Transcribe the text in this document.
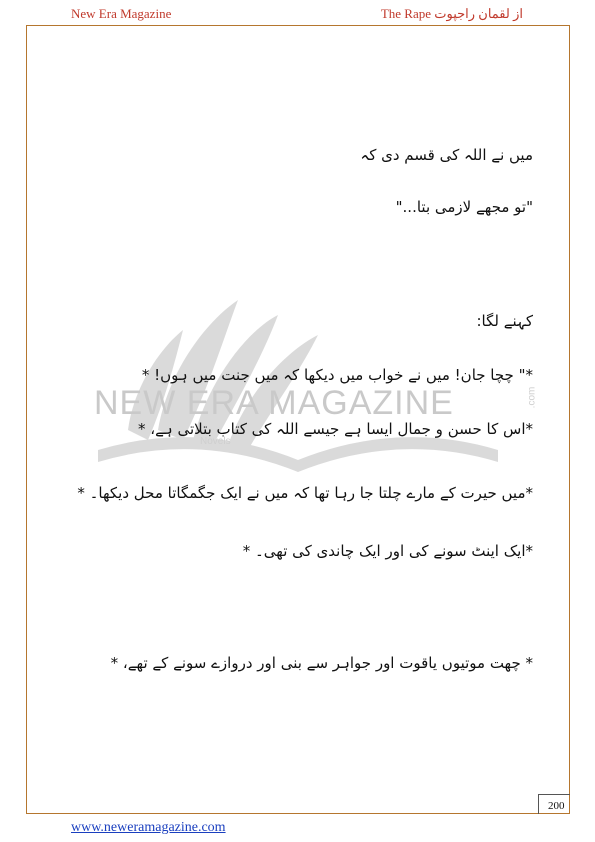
New Era Magazine	The Rape از لقمان راجپوت
NEW ERA MAGAZINE
Novels
.com
میں نے اللہ کی قسم دی کہ
"تو مجھے لازمی بتا..."
کہنے لگا:
*" چچا جان! میں نے خواب میں دیکھا کہ میں جنت میں ہوں! *
*اس کا حسن و جمال ایسا ہے جیسے اللہ کی کتاب بتلاتی ہے، *
*میں حیرت کے مارے چلتا جا رہا تھا کہ میں نے ایک جگمگاتا محل دیکھا۔ *
*ایک اینٹ سونے کی اور ایک چاندی کی تھی۔ *
* چھت موتیوں یاقوت اور جواہر سے بنی اور دروازے سونے کے تھے، *
200
www.neweramagazine.com
